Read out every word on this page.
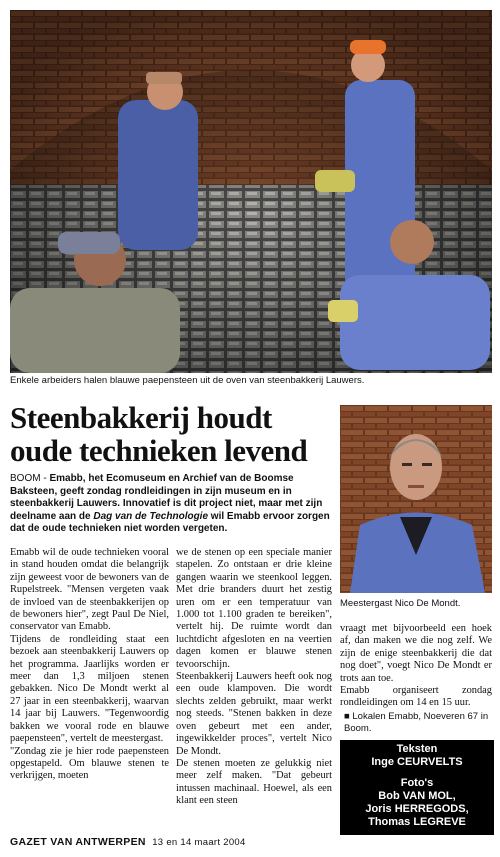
Enkele arbeiders halen blauwe paepensteen uit de oven van steenbakkerij Lauwers.
Steenbakkerij houdt
oude technieken levend
BOOM - Emabb, het Ecomuseum en Archief van de Boomse Baksteen, geeft zondag rondleidingen in zijn museum en in steenbakkerij Lauwers. Innovatief is dit project niet, maar met zijn deelname aan de Dag van de Technologie wil Emabb ervoor zorgen dat de oude technieken niet worden vergeten.
Meestergast Nico De Mondt.

Emabb wil de oude technieken vooral in stand houden omdat die belangrijk zijn geweest voor de bewoners van de Rupelstreek. "Mensen vergeten vaak de invloed van de steenbakkerijen op de bewoners hier", zegt Paul De Niel, conservator van Emabb.

Tijdens de rondleiding staat een bezoek aan steenbakkerij Lauwers op het programma. Jaarlijks worden er meer dan 1,3 miljoen stenen gebakken. Nico De Mondt werkt al 27 jaar in een steenbakkerij, waarvan 14 jaar bij Lauwers. "Tegenwoordig bakken we vooral rode en blauwe paepensteen", vertelt de meestergast.

"Zondag zie je hier rode paepensteen opgestapeld. Om blauwe stenen te verkrijgen, moeten

we de stenen op een speciale manier stapelen. Zo ontstaan er drie kleine gangen waarin we steenkool leggen. Met drie branders duurt het zestig uren om er een temperatuur van 1.000 tot 1.100 graden te bereiken", vertelt hij. De ruimte wordt dan luchtdicht afgesloten en na veertien dagen komen er blauwe stenen tevoorschijn.

Steenbakkerij Lauwers heeft ook nog een oude klampoven. Die wordt slechts zelden gebruikt, maar werkt nog steeds. "Stenen bakken in deze oven gebeurt met een ander, ingewikkelder proces", vertelt Nico De Mondt.

De stenen moeten ze gelukkig niet meer zelf maken. "Dat gebeurt intussen machinaal. Hoewel, als een klant een steen

vraagt met bijvoorbeeld een hoek af, dan maken we die nog zelf. We zijn de enige steenbakkerij die dat nog doet", voegt Nico De Mondt er trots aan toe.

Emabb organiseert zondag rondleidingen om 14 en 15 uur.

■ Lokalen Emabb, Noeveren 67 in Boom.
Teksten
Inge CEURVELTS
Foto's
Bob VAN MOL,
Joris HERREGODS,
Thomas LEGREVE
GAZET VAN ANTWERPEN 13 en 14 maart 2004
